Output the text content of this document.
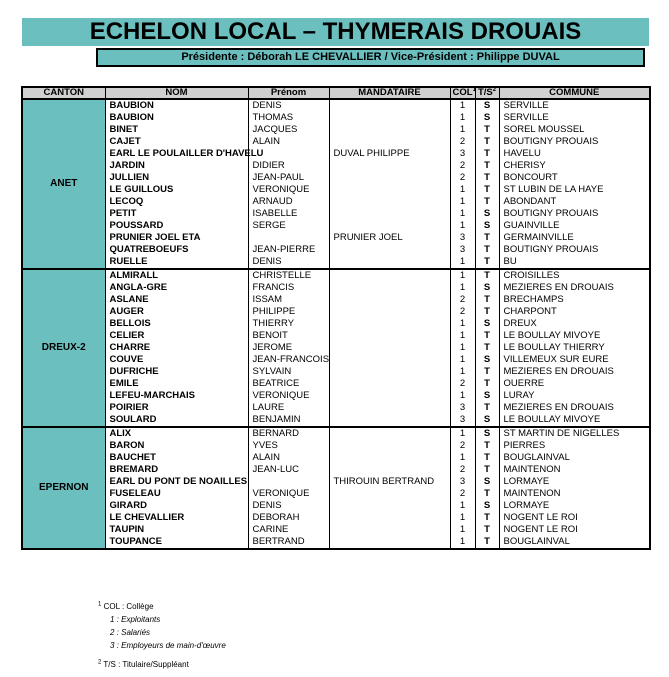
ECHELON LOCAL – THYMERAIS DROUAIS
Présidente : Déborah LE CHEVALLIER / Vice-Président : Philippe DUVAL
CANTON	NOM	Prénom	MANDATAIRE	COL$^1$	$T/S^2$	COMMUNE
ANET	BAUBION	DENIS		1	S	SERVILLE
	BAUBION	THOMAS		1	S	SERVILLE
	BINET	JACQUES		1	T	SOREL MOUSSEL
	CAJET	ALAIN		2	T	BOUTIGNY PROUAIS
	EARL LE POULAILLER D'HAVELU		DUVAL PHILIPPE	3	T	HAVELU
	JARDIN	DIDIER		2	T	CHERISY
	JULLIEN	JEAN-PAUL		2	T	BONCOURT
	LE GUILLOUS	VERONIQUE		1	T	ST LUBIN DE LA HAYE
	LECOQ	ARNAUD		1	T	ABONDANT
	PETIT	ISABELLE		1	S	BOUTIGNY PROUAIS
	POUSSARD	SERGE		1	S	GUAINVILLE
	PRUNIER JOEL ETA		PRUNIER JOEL	3	T	GERMAINVILLE
	QUATREBOEUFS	JEAN-PIERRE		3	T	BOUTIGNY PROUAIS
	RUELLE	DENIS		1	T	BU
DREUX-2	ALMIRALL	CHRISTELLE		1	T	CROISILLES
	ANGLA-GRE	FRANCIS		1	S	MEZIERES EN DROUAIS
	ASLANE	ISSAM		2	T	BRECHAMPS
	AUGER	PHILIPPE		2	T	CHARPONT
	BELLOIS	THIERRY		1	S	DREUX
	CELIER	BENOIT		1	T	LE BOULLAY MIVOYE
	CHARRE	JEROME		1	T	LE BOULLAY THIERRY
	COUVE	JEAN-FRANCOIS		1	S	VILLEMEUX SUR EURE
	DUFRICHE	SYLVAIN		1	T	MEZIERES EN DROUAIS
	EMILE	BEATRICE		2	T	OUERRE
	LEFEU-MARCHAIS	VERONIQUE		1	S	LURAY
	POIRIER	LAURE		3	T	MEZIERES EN DROUAIS
	SOULARD	BENJAMIN		3	S	LE BOULLAY MIVOYE
EPERNON	ALIX	BERNARD		1	S	ST MARTIN DE NIGELLES
	BARON	YVES		2	T	PIERRES
	BAUCHET	ALAIN		1	T	BOUGLAINVAL
	BREMARD	JEAN-LUC		2	T	MAINTENON
	EARL DU PONT DE NOAILLES		THIROUIN BERTRAND	3	S	LORMAYE
	FUSELEAU	VERONIQUE		2	T	MAINTENON
	GIRARD	DENIS		1	S	LORMAYE
	LE CHEVALLIER	DEBORAH		1	T	NOGENT LE ROI
	TAUPIN	CARINE		1	T	NOGENT LE ROI
	TOUPANCE	BERTRAND		1	T	BOUGLAINVAL
$^1$ COL : Collège
1 : Exploitants
2 : Salariés
3 : Employeurs de main-d'œuvre
$^2$ T/S : Titulaire/Suppléant
